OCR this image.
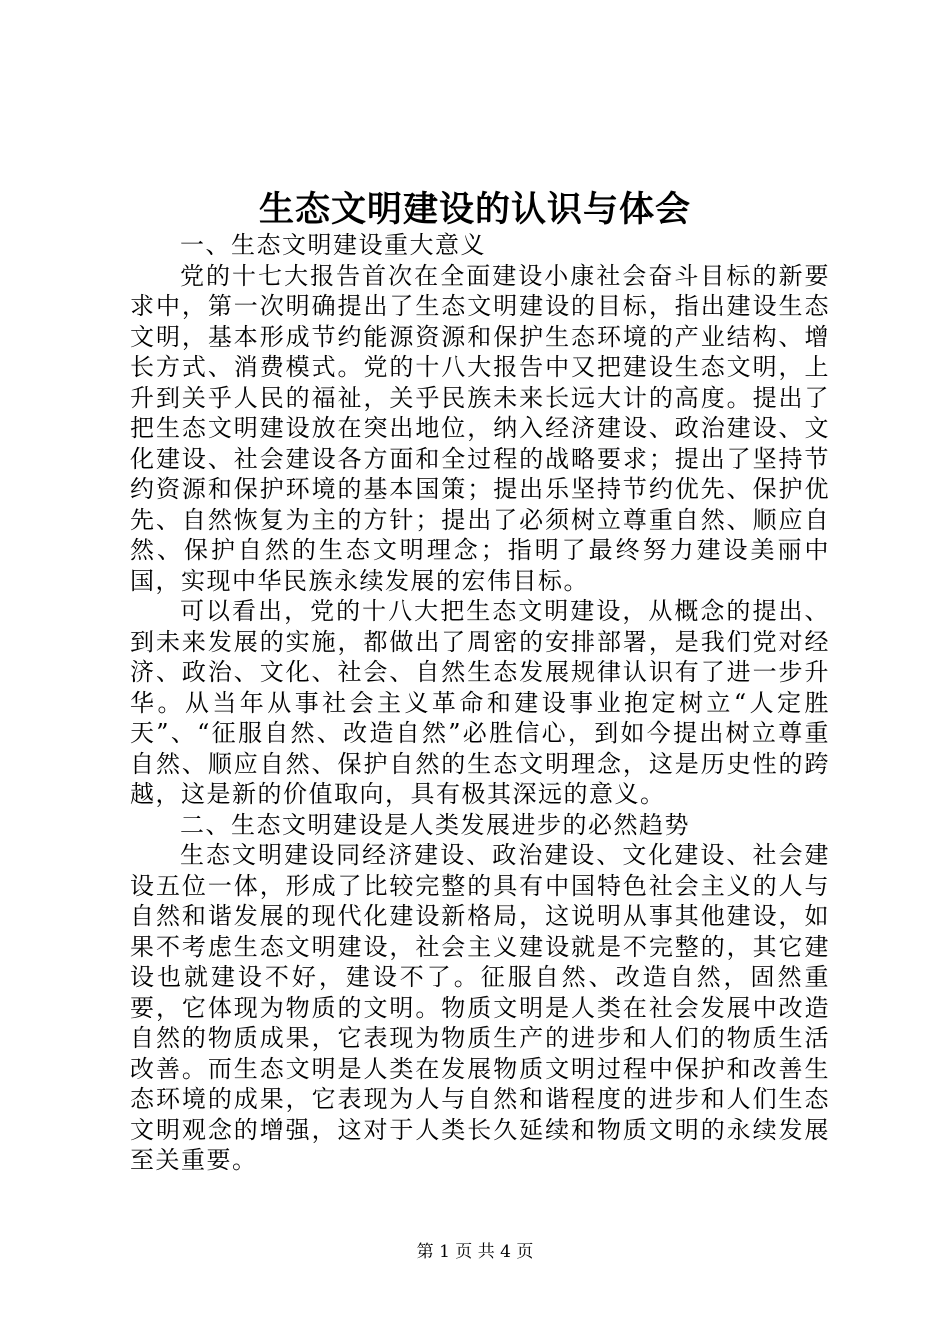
生态文明建设的认识与体会

一、生态文明建设重大意义

党的十七大报告首次在全面建设小康社会奋斗目标的新要求中，第一次明确提出了生态文明建设的目标，指出建设生态文明，基本形成节约能源资源和保护生态环境的产业结构、增长方式、消费模式。党的十八大报告中又把建设生态文明，上升到关乎人民的福祉，关乎民族未来长远大计的高度。提出了把生态文明建设放在突出地位，纳入经济建设、政治建设、文化建设、社会建设各方面和全过程的战略要求；提出了坚持节约资源和保护环境的基本国策；提出乐坚持节约优先、保护优先、自然恢复为主的方针；提出了必须树立尊重自然、顺应自然、保护自然的生态文明理念；指明了最终努力建设美丽中国，实现中华民族永续发展的宏伟目标。

可以看出，党的十八大把生态文明建设，从概念的提出、到未来发展的实施，都做出了周密的安排部署，是我们党对经济、政治、文化、社会、自然生态发展规律认识有了进一步升华。从当年从事社会主义革命和建设事业抱定树立“人定胜天”、“征服自然、改造自然”必胜信心，到如今提出树立尊重自然、顺应自然、保护自然的生态文明理念，这是历史性的跨越，这是新的价值取向，具有极其深远的意义。

二、生态文明建设是人类发展进步的必然趋势

生态文明建设同经济建设、政治建设、文化建设、社会建设五位一体，形成了比较完整的具有中国特色社会主义的人与自然和谐发展的现代化建设新格局，这说明从事其他建设，如果不考虑生态文明建设，社会主义建设就是不完整的，其它建设也就建设不好，建设不了。征服自然、改造自然，固然重要，它体现为物质的文明。物质文明是人类在社会发展中改造自然的物质成果，它表现为物质生产的进步和人们的物质生活改善。而生态文明是人类在发展物质文明过程中保护和改善生态环境的成果，它表现为人与自然和谐程度的进步和人们生态文明观念的增强，这对于人类长久延续和物质文明的永续发展至关重要。

第 1 页 共 4 页
